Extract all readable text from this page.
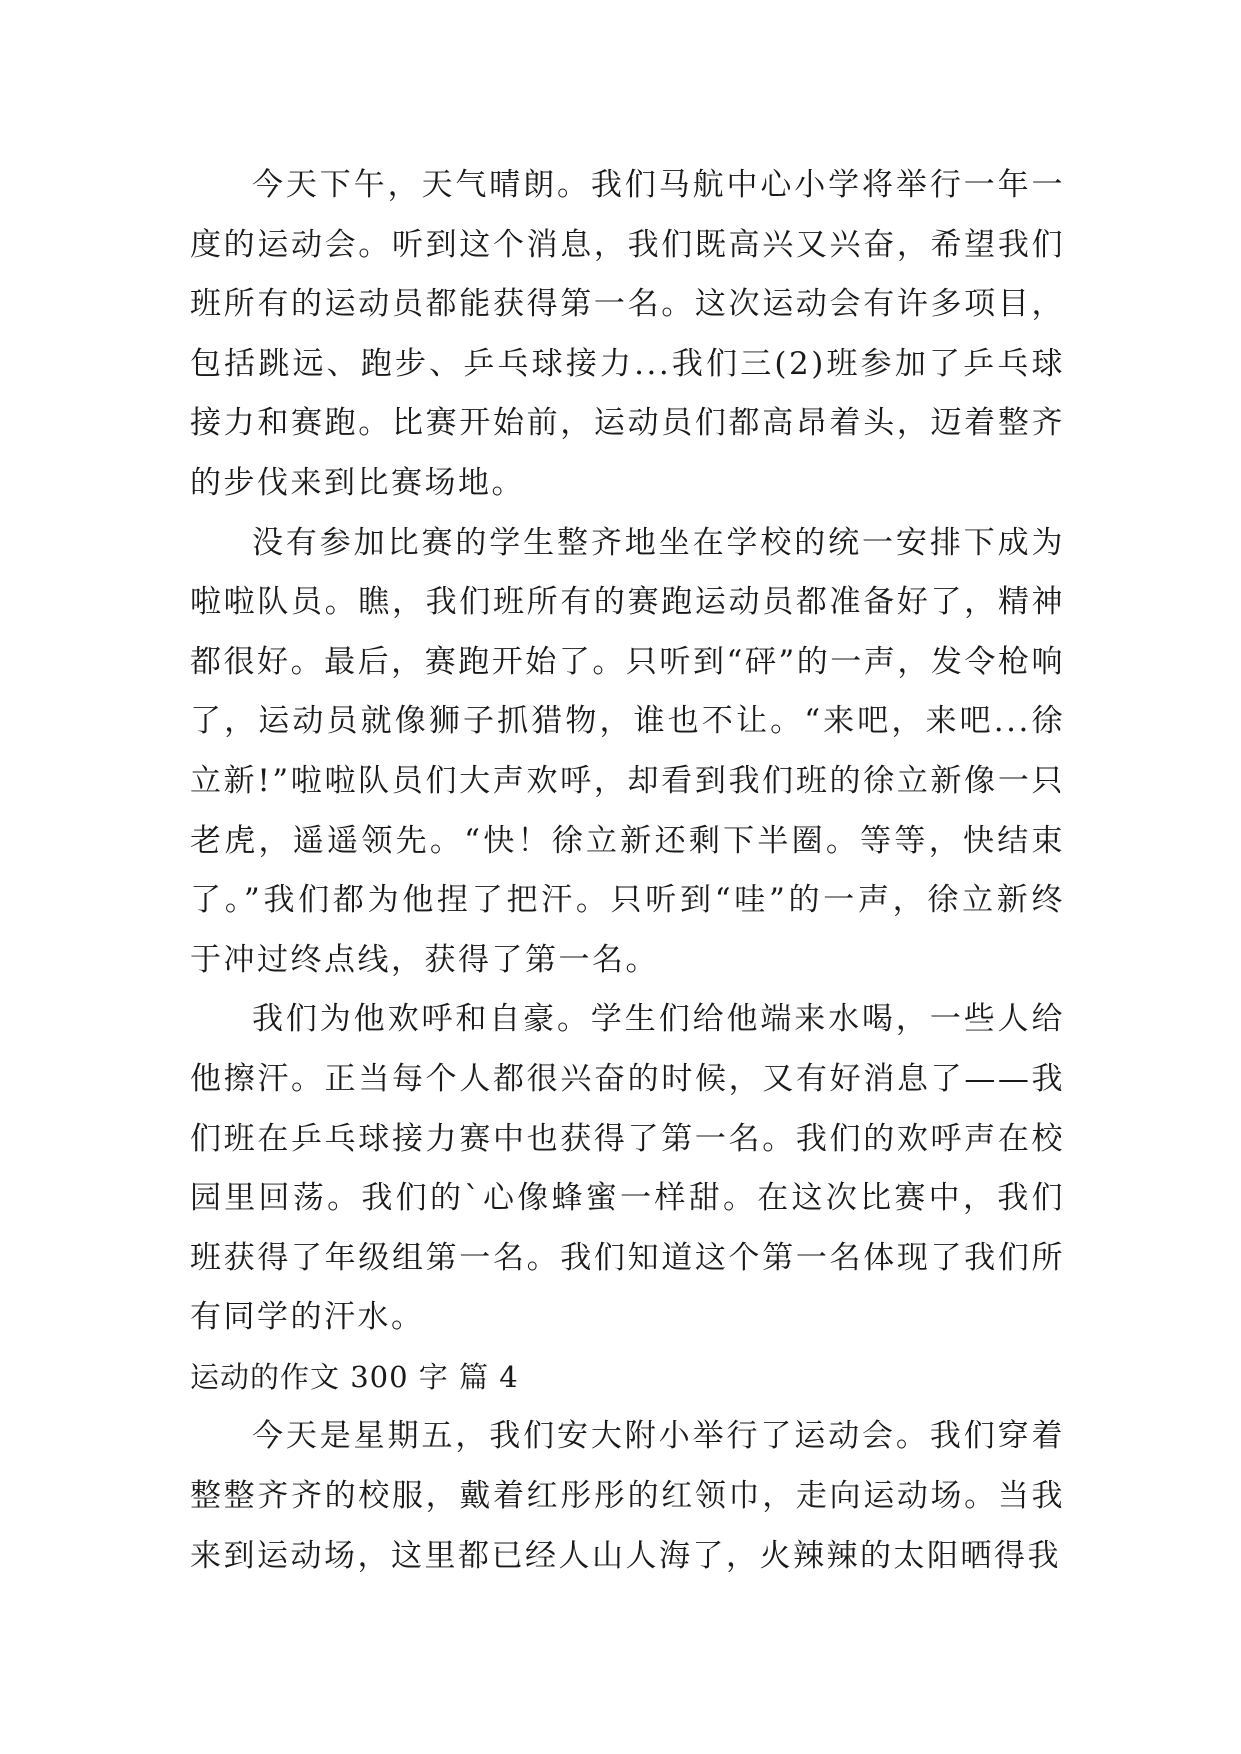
今天下午，天气晴朗。我们马航中心小学将举行一年一度的运动会。听到这个消息，我们既高兴又兴奋，希望我们班所有的运动员都能获得第一名。这次运动会有许多项目，包括跳远、跑步、乒乓球接力...我们三(2)班参加了乒乓球接力和赛跑。比赛开始前，运动员们都高昂着头，迈着整齐的步伐来到比赛场地。

没有参加比赛的学生整齐地坐在学校的统一安排下成为啦啦队员。瞧，我们班所有的赛跑运动员都准备好了，精神都很好。最后，赛跑开始了。只听到“砰”的一声，发令枪响了，运动员就像狮子抓猎物，谁也不让。“来吧，来吧...徐立新!”啦啦队员们大声欢呼，却看到我们班的徐立新像一只老虎，遥遥领先。“快！徐立新还剩下半圈。等等，快结束了。”我们都为他捏了把汗。只听到“哇”的一声，徐立新终于冲过终点线，获得了第一名。

我们为他欢呼和自豪。学生们给他端来水喝，一些人给他擦汗。正当每个人都很兴奋的时候，又有好消息了——我们班在乒乓球接力赛中也获得了第一名。我们的欢呼声在校园里回荡。我们的`心像蜂蜜一样甜。在这次比赛中，我们班获得了年级组第一名。我们知道这个第一名体现了我们所有同学的汗水。

运动的作文 300 字 篇 4

今天是星期五，我们安大附小举行了运动会。我们穿着整整齐齐的校服，戴着红彤彤的红领巾，走向运动场。当我来到运动场，这里都已经人山人海了，火辣辣的太阳晒得我
